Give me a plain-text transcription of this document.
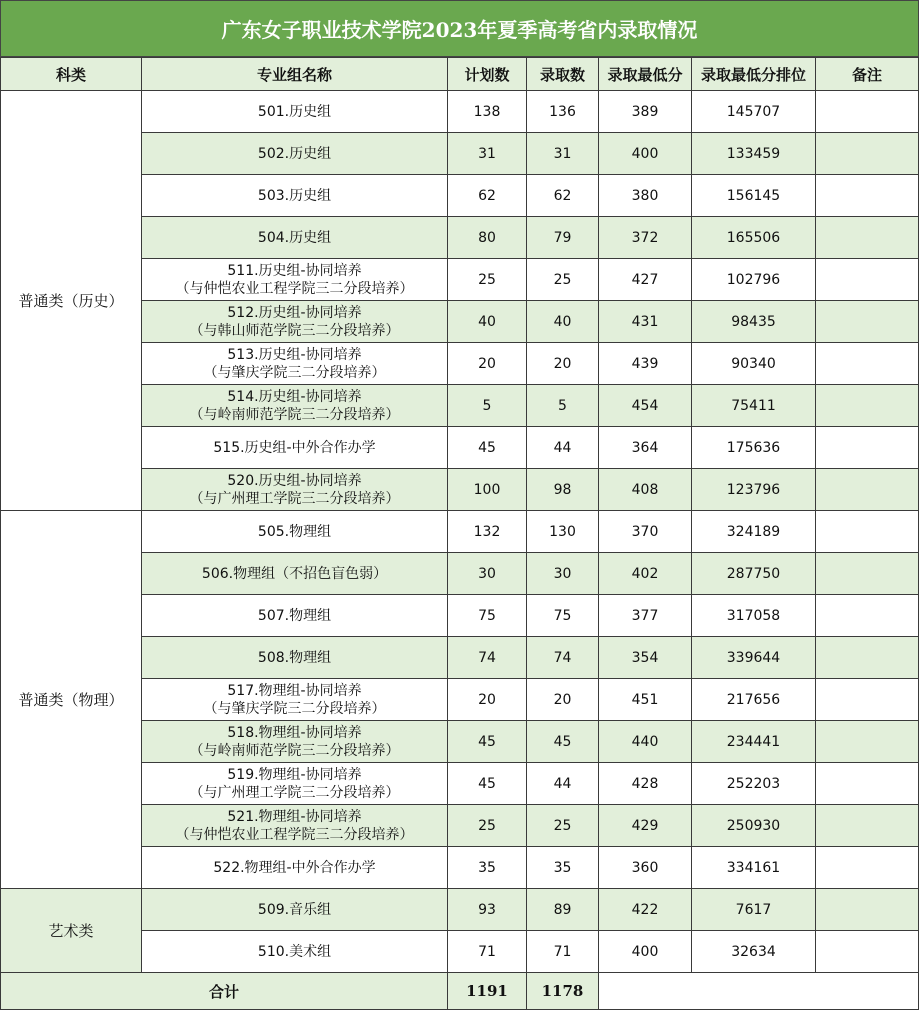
广东女子职业技术学院2023年夏季高考省内录取情况
科类	专业组名称	计划数	录取数	录取最低分	录取最低分排位	备注
普通类（历史）	501.历史组	138	136	389	145707	

	502.历史组	31	31	400	133459	

	503.历史组	62	62	380	156145	

	504.历史组	80	79	372	165506	

	511.历史组-协同培养
（与仲恺农业工程学院三二分段培养）	25	25	427	102796	

	512.历史组-协同培养
（与韩山师范学院三二分段培养）	40	40	431	98435	

	513.历史组-协同培养
（与肇庆学院三二分段培养）	20	20	439	90340	

	514.历史组-协同培养
（与岭南师范学院三二分段培养）	5	5	454	75411	

	515.历史组-中外合作办学	45	44	364	175636	

	520.历史组-协同培养
（与广州理工学院三二分段培养）	100	98	408	123796	
普通类（物理）	505.物理组	132	130	370	324189	

	506.物理组（不招色盲色弱）	30	30	402	287750	

	507.物理组	75	75	377	317058	

	508.物理组	74	74	354	339644	

	517.物理组-协同培养
（与肇庆学院三二分段培养）	20	20	451	217656	

	518.物理组-协同培养
（与岭南师范学院三二分段培养）	45	45	440	234441	

	519.物理组-协同培养
（与广州理工学院三二分段培养）	45	44	428	252203	

	521.物理组-协同培养
（与仲恺农业工程学院三二分段培养）	25	25	429	250930	

	522.物理组-中外合作办学	35	35	360	334161	
艺术类	509.音乐组	93	89	422	7617	

	510.美术组	71	71	400	32634	
合计		1191	1178			
